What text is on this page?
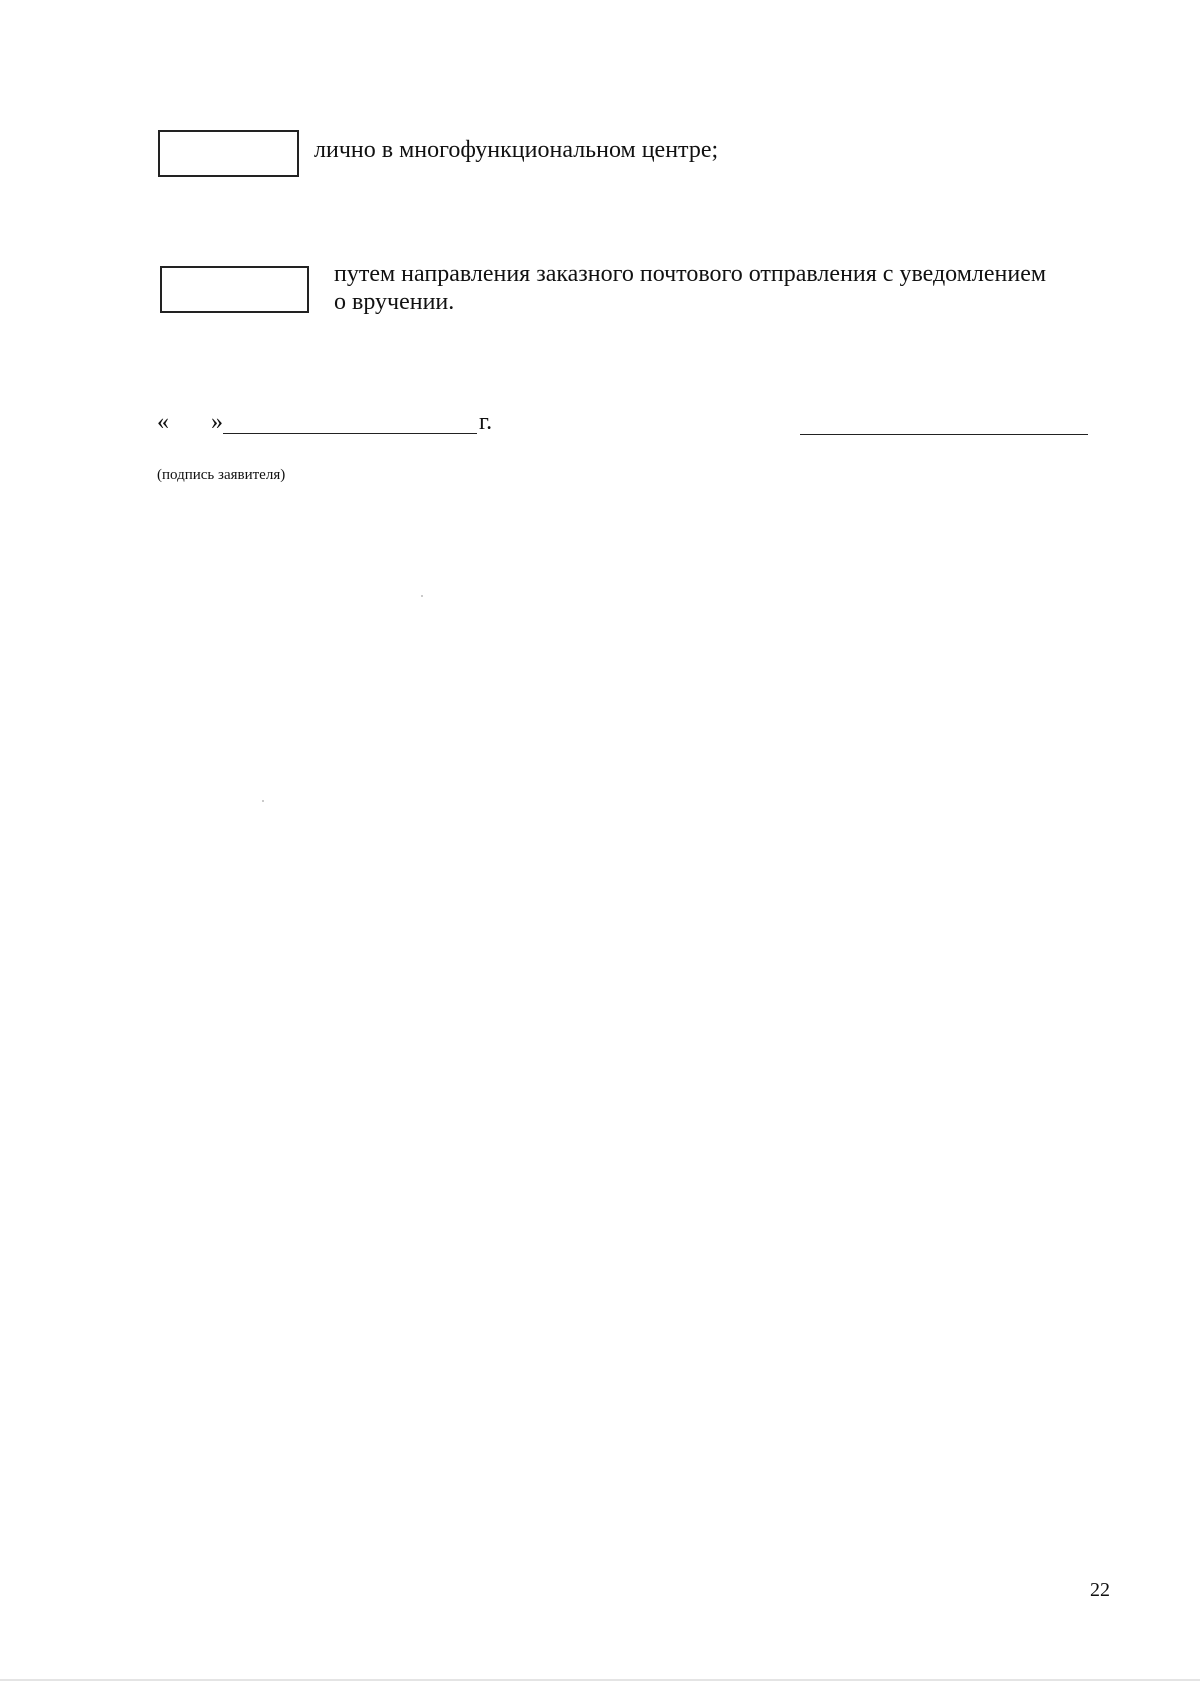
лично в многофункциональном центре;
путем направления заказного почтового отправления с уведомлением
о вручении.
«	»	г.
(подпись заявителя)
22
